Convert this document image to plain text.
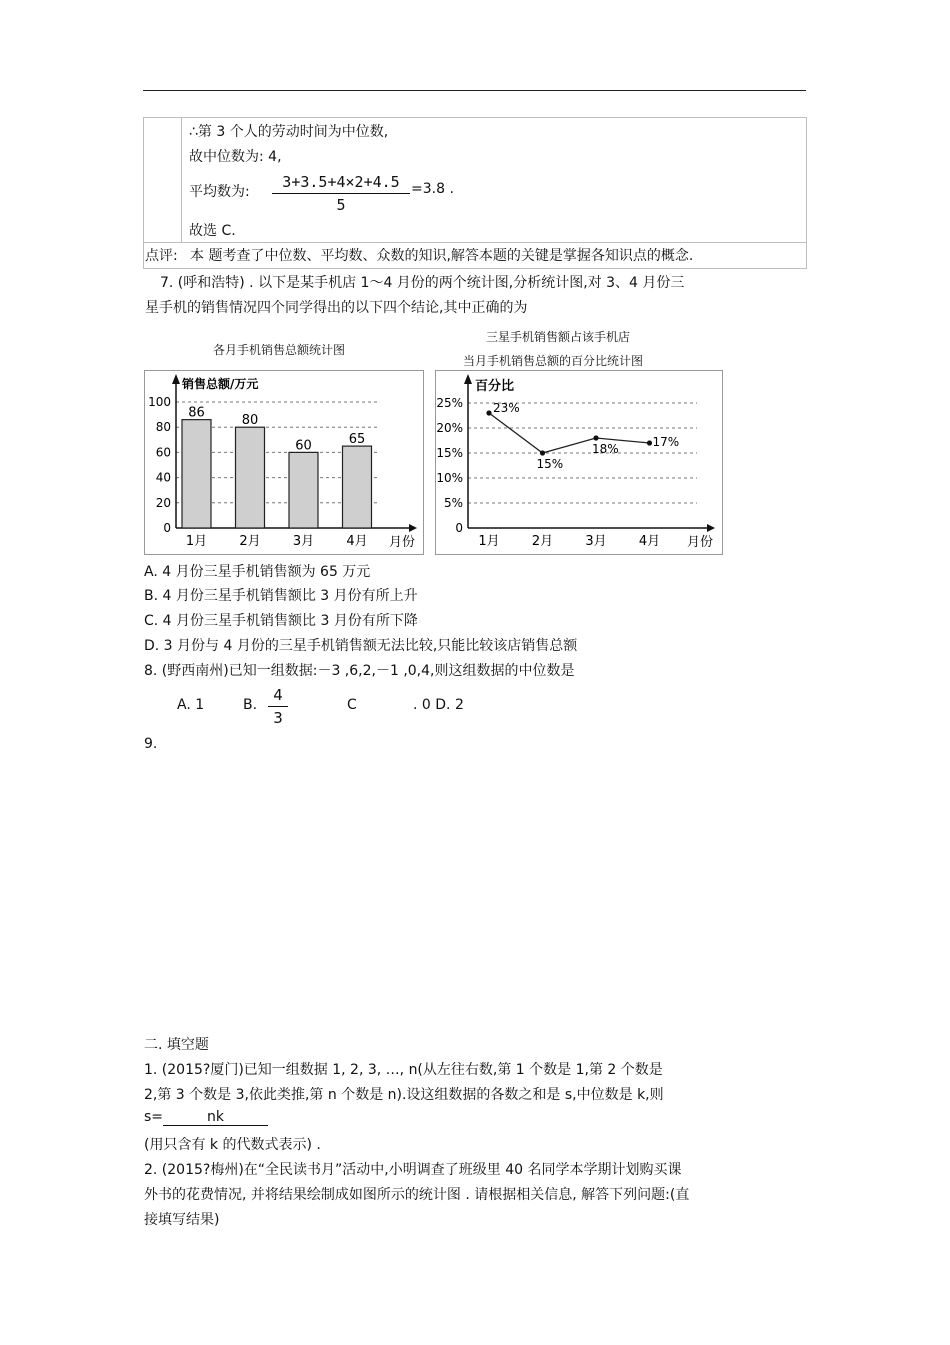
∴第 3 个人的劳动时间为中位数,
故中位数为: 4,
平均数为:
3+3.5+4×2+4.5
5
=3.8 .
故选 C.
点评: 本 题考查了中位数、平均数、众数的知识,解答本题的关键是掌握各知识点的概念.
7. (呼和浩特) . 以下是某手机店 1～4 月份的两个统计图,分析统计图,对 3、4 月份三
星手机的销售情况四个同学得出的以下四个结论,其中正确的为
各月手机销售总额统计图
三星手机销售额占该手机店
当月手机销售总额的百分比统计图
销售总额/万元
月份
0
20
40
60
80
100
86
1月
80
2月
60
3月
65
4月
百分比
月份
0
5%
10%
15%
20%
25%	23%
1月
15%
2月
18%
3月
17%
4月
A. 4 月份三星手机销售额为 65 万元
B. 4 月份三星手机销售额比 3 月份有所上升
C. 4 月份三星手机销售额比 3 月份有所下降
D. 3 月份与 4 月份的三星手机销售额无法比较,只能比较该店销售总额
8. (野西南州)已知一组数据:－3 ,6,2,－1 ,0,4,则这组数据的中位数是
A. 1	B.
4
3
C	. 0 D. 2
9.
二. 填空题
1. (2015?厦门)已知一组数据 1, 2, 3, …, n(从左往右数,第 1 个数是 1,第 2 个数是
2,第 3 个数是 3,依此类推,第 n 个数是 n).设这组数据的各数之和是 s,中位数是 k,则
s=	nk
(用只含有 k 的代数式表示) .
2. (2015?梅州)在“全民读书月”活动中,小明调查了班级里 40 名同学本学期计划购买课
外书的花费情况, 并将结果绘制成如图所示的统计图 . 请根据相关信息, 解答下列问题:(直
接填写结果)
